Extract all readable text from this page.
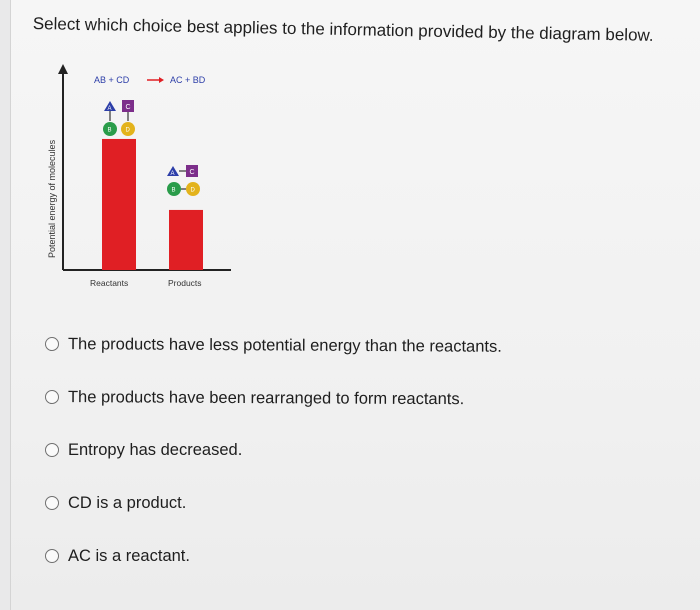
Select which choice best applies to the information provided by the diagram below.
Potential energy of molecules
AB + CD	AC + BD
A
B
C
D
A C
B D
Reactants	Products
The products have less potential energy than the reactants.
The products have been rearranged to form reactants.
Entropy has decreased.
CD is a product.
AC is a reactant.
